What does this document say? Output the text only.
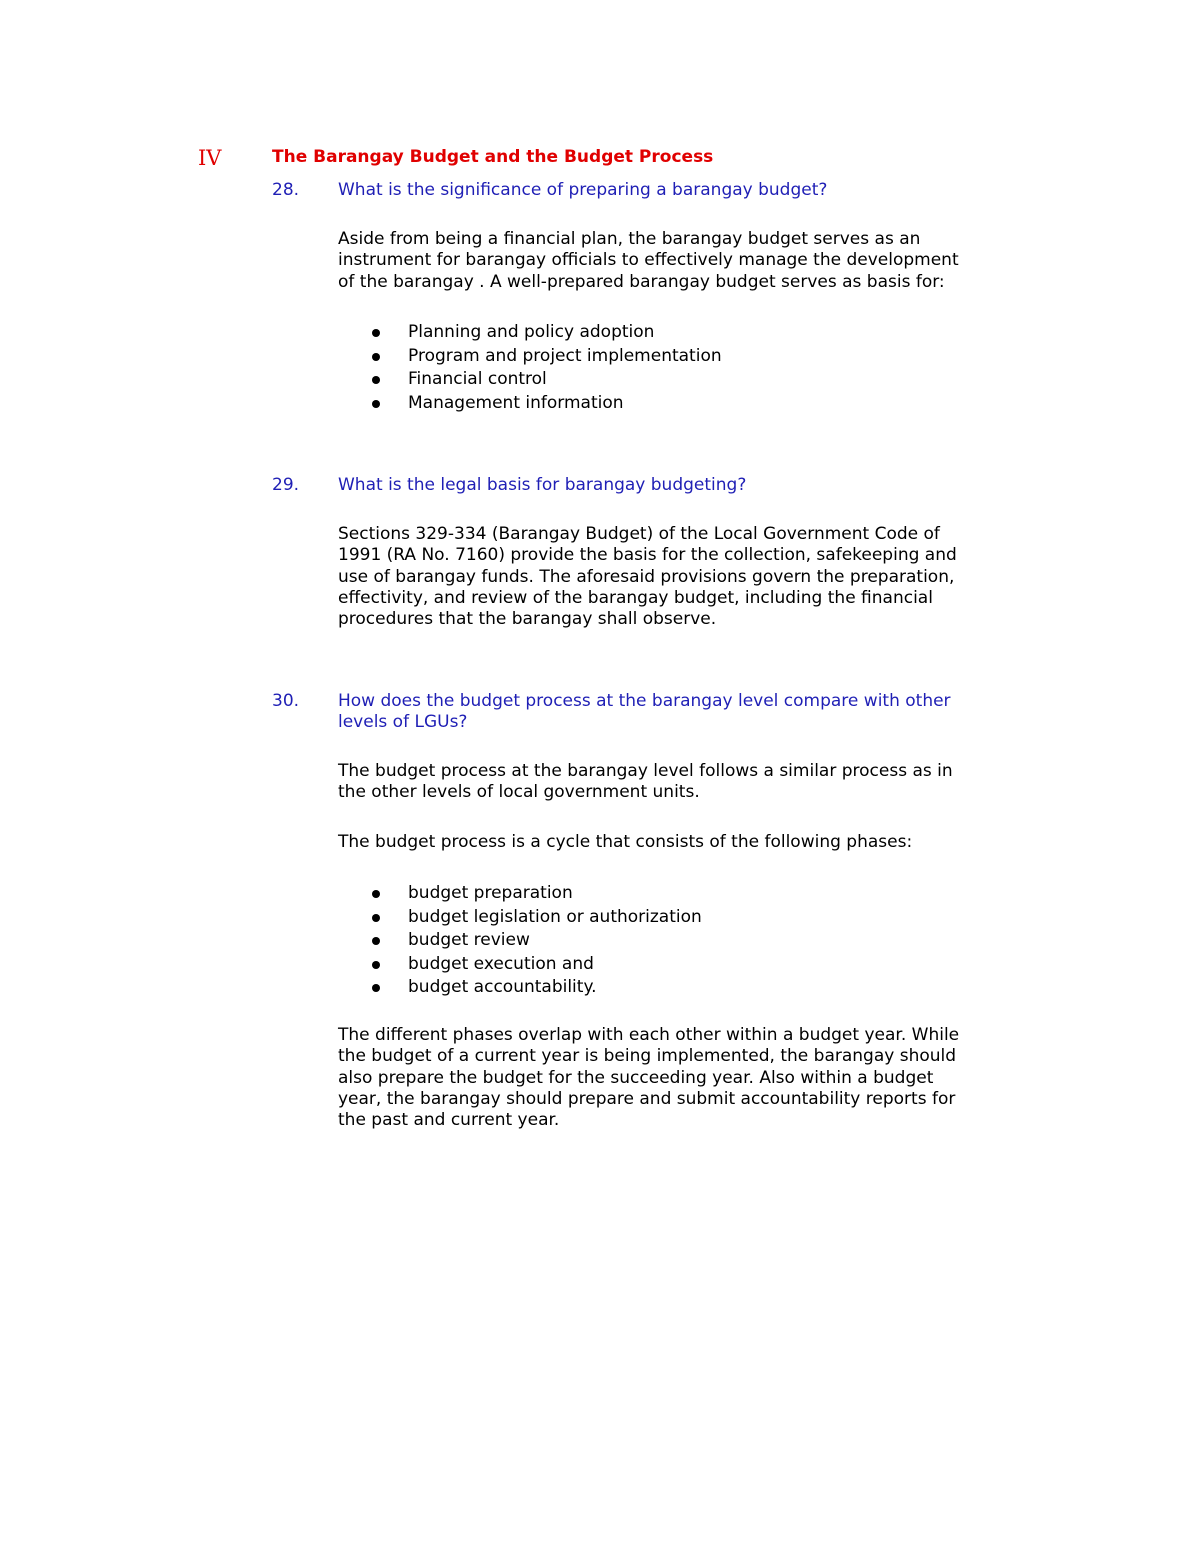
IV	The Barangay Budget and the Budget Process
28. What is the significance of preparing a barangay budget?

Aside from being a financial plan, the barangay budget serves as an
instrument for barangay officials to effectively manage the development
of the barangay . A well-prepared barangay budget serves as basis for:

Planning and policy adoption
Program and project implementation
Financial control
Management information
29. What is the legal basis for barangay budgeting?

Sections 329-334 (Barangay Budget) of the Local Government Code of
1991 (RA No. 7160) provide the basis for the collection, safekeeping and
use of barangay funds. The aforesaid provisions govern the preparation,
effectivity, and review of the barangay budget, including the financial
procedures that the barangay shall observe.

30. How does the budget process at the barangay level compare with other
levels of LGUs?

The budget process at the barangay level follows a similar process as in
the other levels of local government units.

The budget process is a cycle that consists of the following phases:

budget preparation
budget legislation or authorization
budget review
budget execution and
budget accountability.

The different phases overlap with each other within a budget year. While
the budget of a current year is being implemented, the barangay should
also prepare the budget for the succeeding year. Also within a budget
year, the barangay should prepare and submit accountability reports for
the past and current year.
